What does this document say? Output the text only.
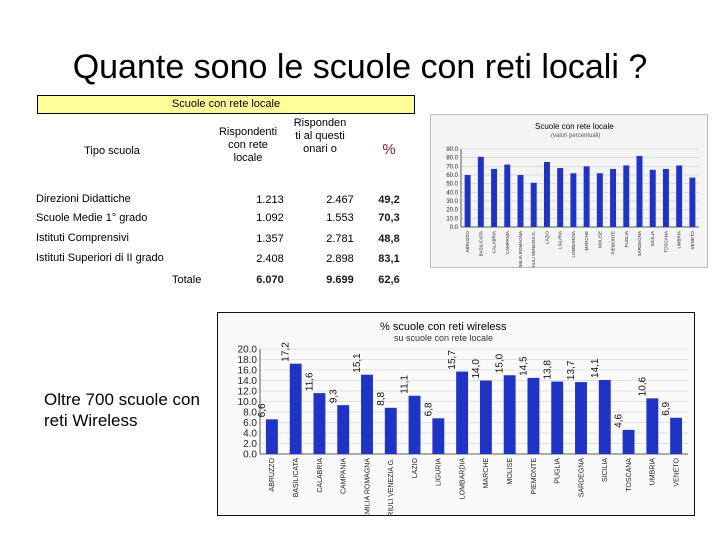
Quante sono le scuole con reti locali ?
Scuole con rete locale
Tipo scuola
Rispondenti con rete locale
Risponden ti al questi onari o	%
Direzioni Didattiche	1.213	2.467	49,2
Scuole Medie 1° grado	1.092	1.553	70,3
Istituti Comprensivi	1.357	2.781	48,8
Istituti Superiori di II grado	2.408	2.898	83,1
Totale	6.070	9.699	62,6
Scuole con rete locale
(valori percentuali)
90.0
80.0
70.0
60.0
50.0
40.0
30.0
20.0
10.0
0.0
ABRUZZO BASILICATA CALABRIA CAMPANIA EMILIA ROMAGNA FRIULI VENEZIA G. LAZIO LIGURIA LOMBARDIA MARCHE MOLISE PIEMONTE PUGLIA SARDEGNA SICILIA TOSCANA UMBRIA VENETO
Oltre 700 scuole con reti Wireless
% scuole con reti wireless
su scuole con rete locale
20.0
18.0
16.0
14.0
12.0
10.0
8.0
6.0
4.0
2.0
0.0
6,6
ABRUZZO
17,2
BASILICATA
11,6
CALABRIA
9,3
CAMPANIA
15,1
EMILIA ROMAGNA
8,8
FRIULI VENEZIA G.
11,1
LAZIO
6,8
LIGURIA
15,7
LOMBARDIA
14,0
MARCHE
15,0
MOLISE
14,5
PIEMONTE
13,8
PUGLIA
13,7
SARDEGNA
14,1
SICILIA
4,6
TOSCANA
10,6
UMBRIA
6,9
VENETO
